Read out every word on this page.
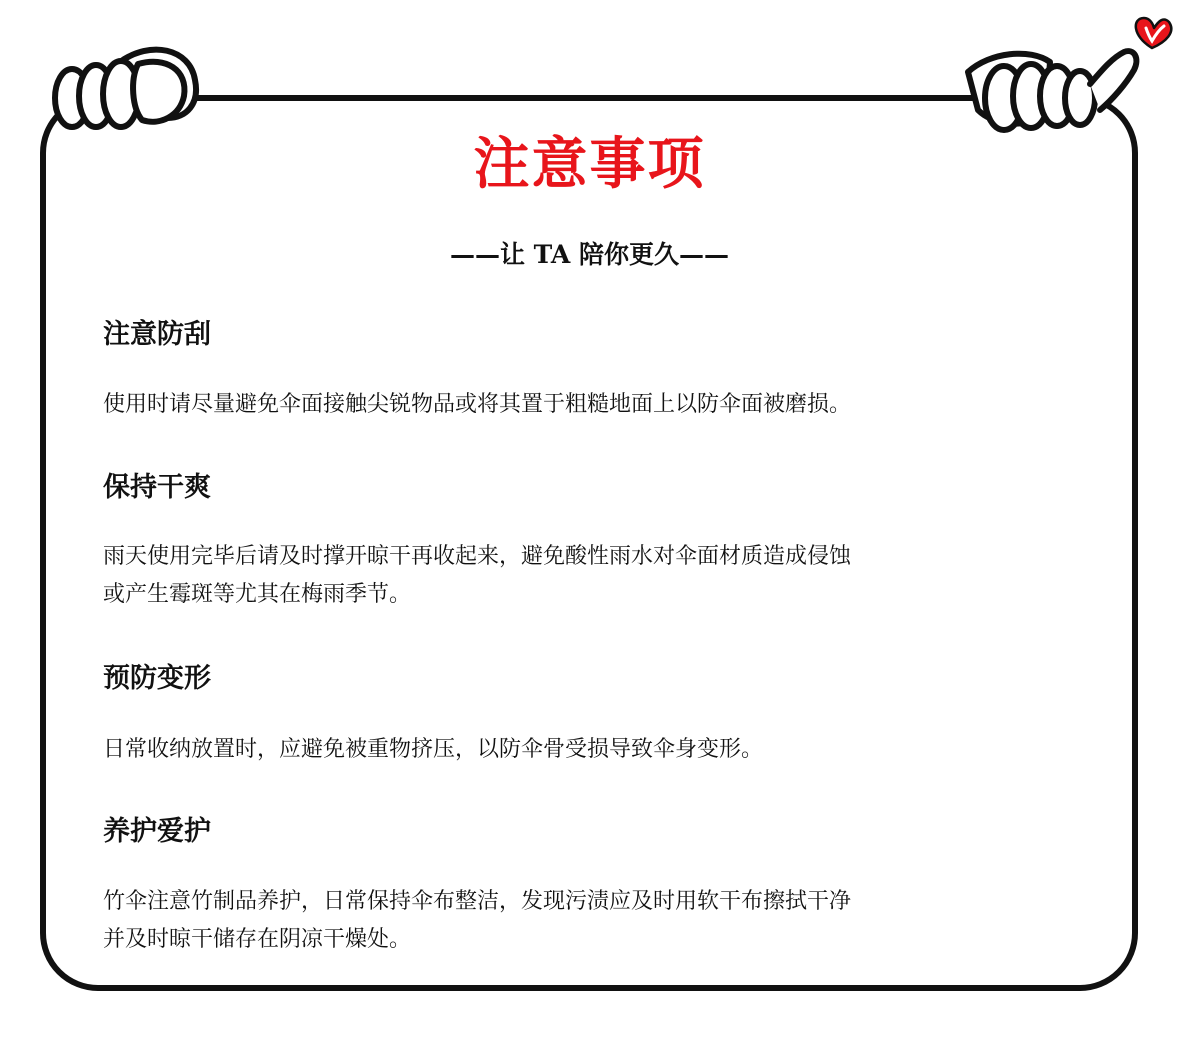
注意事项
——让 TA 陪你更久——
注意防刮
使用时请尽量避免伞面接触尖锐物品或将其置于粗糙地面上以防伞面被磨损。
保持干爽
雨天使用完毕后请及时撑开晾干再收起来，避免酸性雨水对伞面材质造成侵蚀
或产生霉斑等尤其在梅雨季节。
预防变形
日常收纳放置时，应避免被重物挤压，以防伞骨受损导致伞身变形。
养护爱护
竹伞注意竹制品养护，日常保持伞布整洁，发现污渍应及时用软干布擦拭干净
并及时晾干储存在阴凉干燥处。
